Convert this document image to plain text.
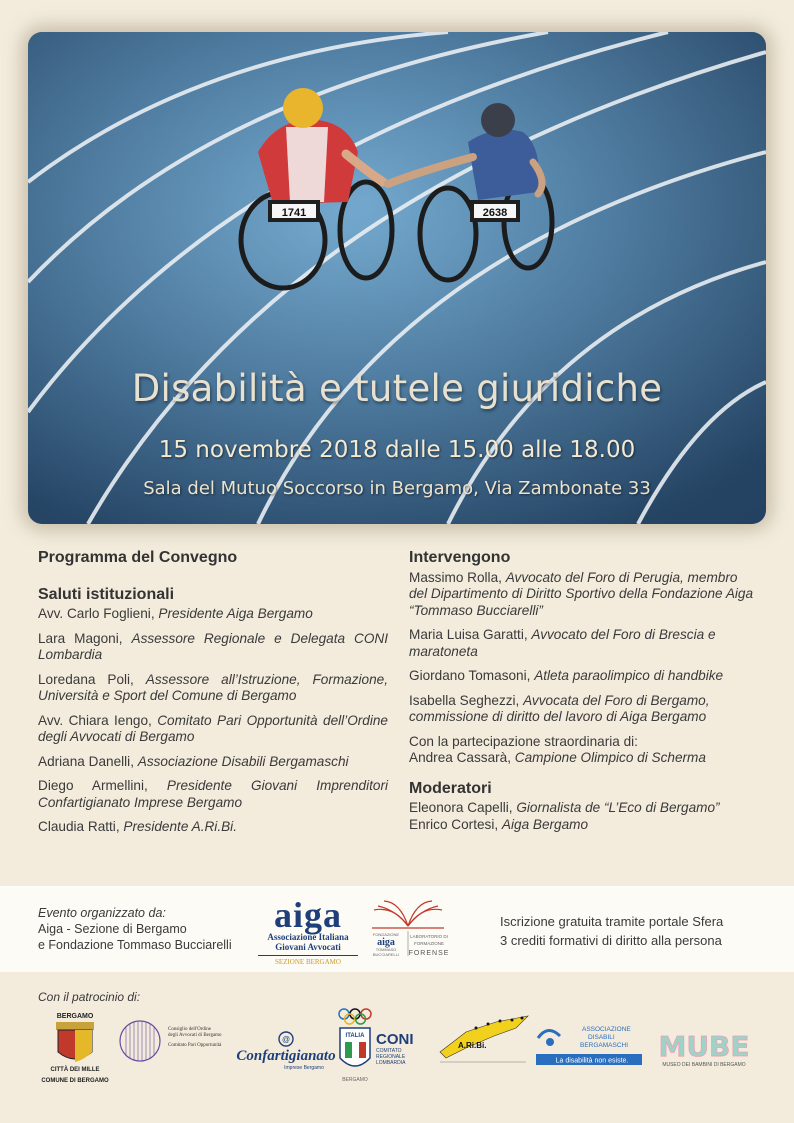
1741	2638
Disabilità e tutele giuridiche
15 novembre 2018 dalle 15.00 alle 18.00
Sala del Mutuo Soccorso in Bergamo, Via Zambonate 33
Programma del Convegno
Saluti istituzionali
Avv. Carlo Foglieni, Presidente Aiga Bergamo
Lara Magoni, Assessore Regionale e Delegata CONI Lombardia
Loredana Poli, Assessore all’Istruzione, Formazione, Università e Sport del Comune di Bergamo
Avv. Chiara Iengo, Comitato Pari Opportunità dell’Ordine degli Avvocati di Bergamo
Adriana Danelli, Associazione Disabili Bergamaschi
Diego Armellini, Presidente Giovani Imprenditori Confartigianato Imprese Bergamo
Claudia Ratti, Presidente A.Ri.Bi.
Intervengono
Massimo Rolla, Avvocato del Foro di Perugia, membro del Dipartimento di Diritto Sportivo della Fondazione Aiga “Tommaso Bucciarelli”
Maria Luisa Garatti, Avvocato del Foro di Brescia e maratoneta
Giordano Tomasoni, Atleta paraolimpico di handbike
Isabella Seghezzi, Avvocata del Foro di Bergamo,
commissione di diritto del lavoro di Aiga Bergamo
Con la partecipazione straordinaria di:
Andrea Cassarà, Campione Olimpico di Scherma
Moderatori
Eleonora Capelli, Giornalista de “L’Eco di Bergamo”
Enrico Cortesi, Aiga Bergamo
Evento organizzato da:
Aiga - Sezione di Bergamo
e Fondazione Tommaso Bucciarelli
aiga
Associazione Italiana
Giovani Avvocati
SEZIONE BERGAMO
FONDAZIONE
aiga
TOMMASO
BUCCIARELLI
LABORATORIO DI
FORMAZIONE
FORENSE
Iscrizione gratuita tramite portale Sfera
3 crediti formativi di diritto alla persona
Con il patrocinio di:
BERGAMO
CITTÀ DEI MILLE
COMUNE DI BERGAMO
Consiglio dell'Ordine
degli Avvocati di Bergamo
Comitato Pari Opportunità
@
Confartigianato
Imprese Bergamo
ITALIA CONI
COMITATO
REGIONALE
LOMBARDIA
BERGAMO
A.Ri.Bi.
ASSOCIAZIONE
DISABILI
BERGAMASCHI
La disabilità non esiste. MUBE
MUSEO DEI BAMBINI DI BERGAMO
